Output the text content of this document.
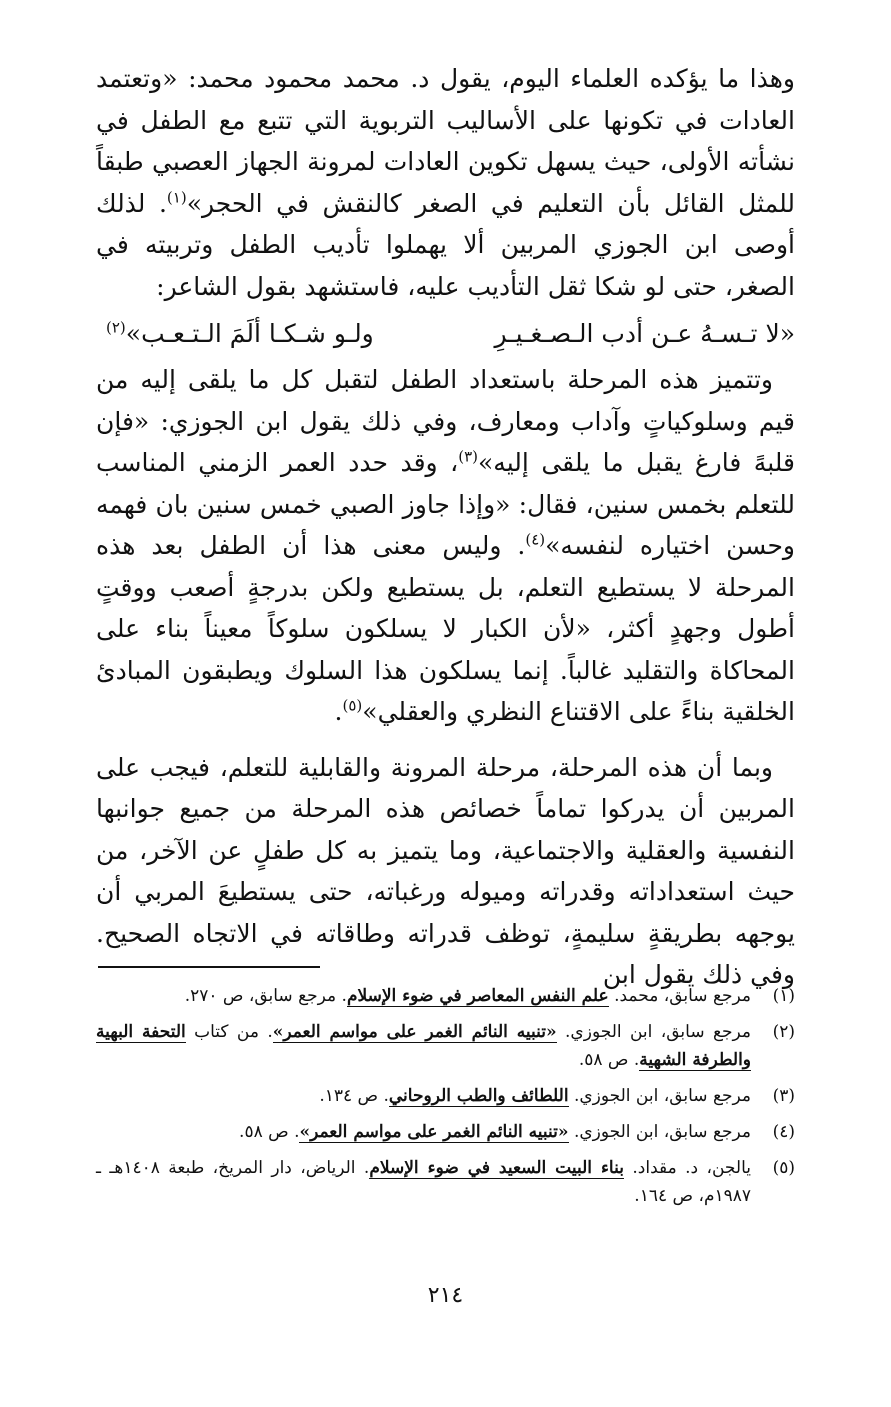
وهذا ما يؤكده العلماء اليوم، يقول د. محمد محمود محمد: «وتعتمد العادات في تكونها على الأساليب التربوية التي تتبع مع الطفل في نشأته الأولى، حيث يسهل تكوين العادات لمرونة الجهاز العصبي طبقاً للمثل القائل بأن التعليم في الصغر كالنقش في الحجر»$^{(١)}$. لذلك أوصى ابن الجوزي المربين ألا يهملوا تأديب الطفل وتربيته في الصغر، حتى لو شكا ثقل التأديب عليه، فاستشهد بقول الشاعر:

«لا تـسـهُ عـن أدب الـصـغـيـرِ
ولـو شـكـا ألَمَ الـتـعـب»$^{(٢)}$

وتتميز هذه المرحلة باستعداد الطفل لتقبل كل ما يلقى إليه من قيم وسلوكياتٍ وآداب ومعارف، وفي ذلك يقول ابن الجوزي: «فإن قلبهً فارغ يقبل ما يلقى إليه»$^{(٣)}$، وقد حدد العمر الزمني المناسب للتعلم بخمس سنين، فقال: «وإذا جاوز الصبي خمس سنين بان فهمه وحسن اختياره لنفسه»$^{(٤)}$. وليس معنى هذا أن الطفل بعد هذه المرحلة لا يستطيع التعلم، بل يستطيع ولكن بدرجةٍ أصعب ووقتٍ أطول وجهدٍ أكثر، «لأن الكبار لا يسلكون سلوكاً معيناً بناء على المحاكاة والتقليد غالباً. إنما يسلكون هذا السلوك ويطبقون المبادئ الخلقية بناءً على الاقتناع النظري والعقلي»$^{(٥)}$.

وبما أن هذه المرحلة، مرحلة المرونة والقابلية للتعلم، فيجب على المربين أن يدركوا تماماً خصائص هذه المرحلة من جميع جوانبها النفسية والعقلية والاجتماعية، وما يتميز به كل طفلٍ عن الآخر، من حيث استعداداته وقدراته وميوله ورغباته، حتى يستطيعَ المربي أن يوجهه بطريقةٍ سليمةٍ، توظف قدراته وطاقاته في الاتجاه الصحيح. وفي ذلك يقول ابن

(١)
مرجع سابق، محمد. علم النفس المعاصر في ضوء الإسلام. مرجع سابق، ص ٢٧٠.
(٢)
مرجع سابق، ابن الجوزي. «تنبيه النائم الغمر على مواسم العمر». من كتاب التحفة البهية والطرفة الشهية. ص ٥٨.
(٣)
مرجع سابق، ابن الجوزي. اللطائف والطب الروحاني. ص ١٣٤.
(٤)
مرجع سابق، ابن الجوزي. «تنبيه النائم الغمر على مواسم العمر». ص ٥٨.
(٥)
يالجن، د. مقداد. بناء البيت السعيد في ضوء الإسلام. الرياض، دار المريخ، طبعة ١٤٠٨هـ ـ ١٩٨٧م، ص ١٦٤.
٢١٤
